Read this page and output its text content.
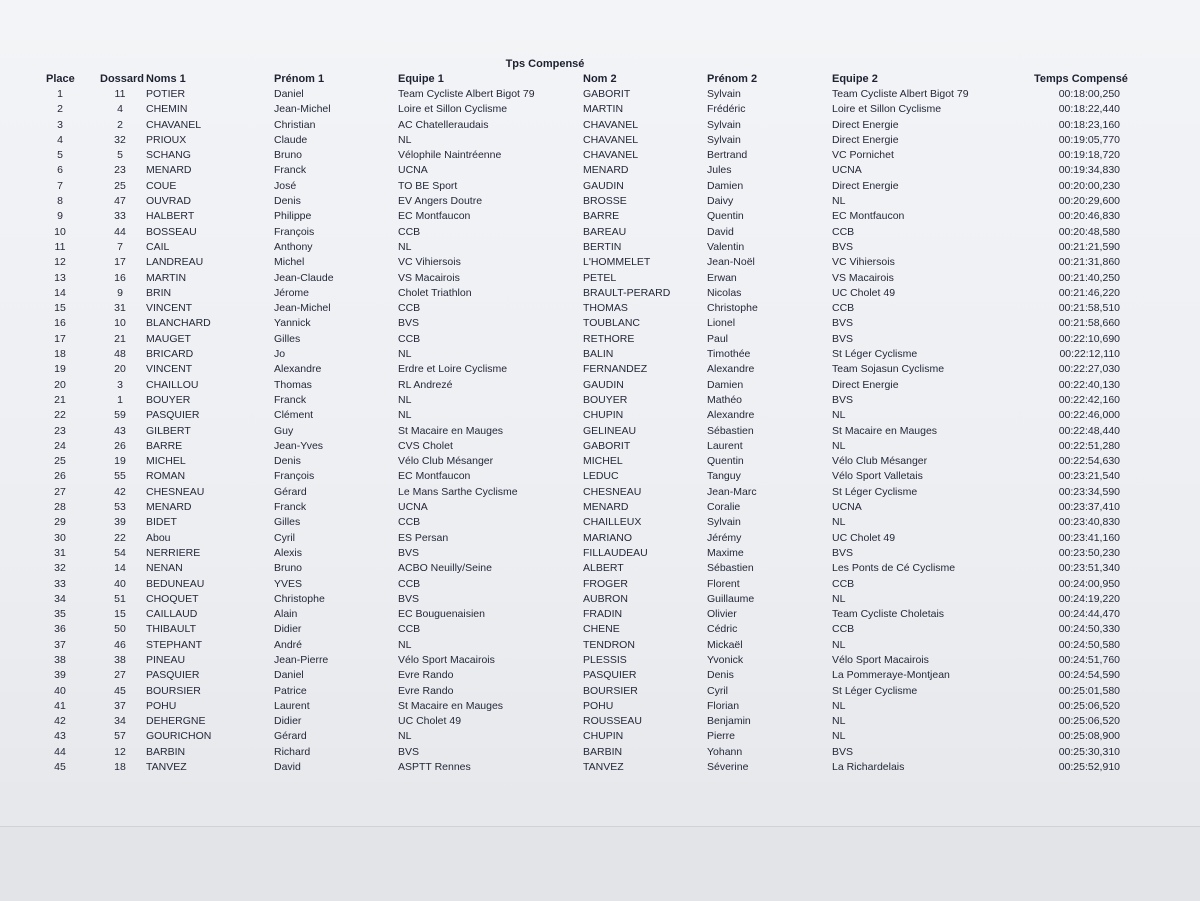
Tps Compensé
Place Dossard Noms 1	Prénom 1	Equipe 1	Nom 2	Prénom 2	Equipe 2	Temps Compensé
1	11	POTIER	Daniel	Team Cycliste Albert Bigot 79	GABORIT	Sylvain	Team Cycliste Albert Bigot 79	00:18:00,250
2	4	CHEMIN	Jean-Michel	Loire et Sillon Cyclisme	MARTIN	Frédéric	Loire et Sillon Cyclisme	00:18:22,440
3	2	CHAVANEL	Christian	AC Chatelleraudais	CHAVANEL	Sylvain	Direct Energie	00:18:23,160
4	32	PRIOUX	Claude	NL	CHAVANEL	Sylvain	Direct Energie	00:19:05,770
5	5	SCHANG	Bruno	Vélophile Naintréenne	CHAVANEL	Bertrand	VC Pornichet	00:19:18,720
6	23	MENARD	Franck	UCNA	MENARD	Jules	UCNA	00:19:34,830
7	25	COUE	José	TO BE Sport	GAUDIN	Damien	Direct Energie	00:20:00,230
8	47	OUVRAD	Denis	EV Angers Doutre	BROSSE	Daivy	NL	00:20:29,600
9	33	HALBERT	Philippe	EC Montfaucon	BARRE	Quentin	EC Montfaucon	00:20:46,830
10	44	BOSSEAU	François	CCB	BAREAU	David	CCB	00:20:48,580
11	7	CAIL	Anthony	NL	BERTIN	Valentin	BVS	00:21:21,590
12	17	LANDREAU	Michel	VC Vihiersois	L'HOMMELET	Jean-Noël	VC Vihiersois	00:21:31,860
13	16	MARTIN	Jean-Claude	VS Macairois	PETEL	Erwan	VS Macairois	00:21:40,250
14	9	BRIN	Jérome	Cholet Triathlon	BRAULT-PERARD	Nicolas	UC Cholet 49	00:21:46,220
15	31	VINCENT	Jean-Michel	CCB	THOMAS	Christophe	CCB	00:21:58,510
16	10	BLANCHARD	Yannick	BVS	TOUBLANC	Lionel	BVS	00:21:58,660
17	21	MAUGET	Gilles	CCB	RETHORE	Paul	BVS	00:22:10,690
18	48	BRICARD	Jo	NL	BALIN	Timothée	St Léger Cyclisme	00:22:12,110
19	20	VINCENT	Alexandre	Erdre et Loire Cyclisme	FERNANDEZ	Alexandre	Team Sojasun Cyclisme	00:22:27,030
20	3	CHAILLOU	Thomas	RL Andrezé	GAUDIN	Damien	Direct Energie	00:22:40,130
21	1	BOUYER	Franck	NL	BOUYER	Mathéo	BVS	00:22:42,160
22	59	PASQUIER	Clément	NL	CHUPIN	Alexandre	NL	00:22:46,000
23	43	GILBERT	Guy	St Macaire en Mauges	GELINEAU	Sébastien	St Macaire en Mauges	00:22:48,440
24	26	BARRE	Jean-Yves	CVS Cholet	GABORIT	Laurent	NL	00:22:51,280
25	19	MICHEL	Denis	Vélo Club Mésanger	MICHEL	Quentin	Vélo Club Mésanger	00:22:54,630
26	55	ROMAN	François	EC Montfaucon	LEDUC	Tanguy	Vélo Sport Valletais	00:23:21,540
27	42	CHESNEAU	Gérard	Le Mans Sarthe Cyclisme	CHESNEAU	Jean-Marc	St Léger Cyclisme	00:23:34,590
28	53	MENARD	Franck	UCNA	MENARD	Coralie	UCNA	00:23:37,410
29	39	BIDET	Gilles	CCB	CHAILLEUX	Sylvain	NL	00:23:40,830
30	22	Abou	Cyril	ES Persan	MARIANO	Jérémy	UC Cholet 49	00:23:41,160
31	54	NERRIERE	Alexis	BVS	FILLAUDEAU	Maxime	BVS	00:23:50,230
32	14	NENAN	Bruno	ACBO Neuilly/Seine	ALBERT	Sébastien	Les Ponts de Cé Cyclisme	00:23:51,340
33	40	BEDUNEAU	YVES	CCB	FROGER	Florent	CCB	00:24:00,950
34	51	CHOQUET	Christophe	BVS	AUBRON	Guillaume	NL	00:24:19,220
35	15	CAILLAUD	Alain	EC Bouguenaisien	FRADIN	Olivier	Team Cycliste Choletais	00:24:44,470
36	50	THIBAULT	Didier	CCB	CHENE	Cédric	CCB	00:24:50,330
37	46	STEPHANT	André	NL	TENDRON	Mickaël	NL	00:24:50,580
38	38	PINEAU	Jean-Pierre	Vélo Sport Macairois	PLESSIS	Yvonick	Vélo Sport Macairois	00:24:51,760
39	27	PASQUIER	Daniel	Evre Rando	PASQUIER	Denis	La Pommeraye-Montjean	00:24:54,590
40	45	BOURSIER	Patrice	Evre Rando	BOURSIER	Cyril	St Léger Cyclisme	00:25:01,580
41	37	POHU	Laurent	St Macaire en Mauges	POHU	Florian	NL	00:25:06,520
42	34	DEHERGNE	Didier	UC Cholet 49	ROUSSEAU	Benjamin	NL	00:25:06,520
43	57	GOURICHON	Gérard	NL	CHUPIN	Pierre	NL	00:25:08,900
44	12	BARBIN	Richard	BVS	BARBIN	Yohann	BVS	00:25:30,310
45	18	TANVEZ	David	ASPTT Rennes	TANVEZ	Séverine	La Richardelais	00:25:52,910
